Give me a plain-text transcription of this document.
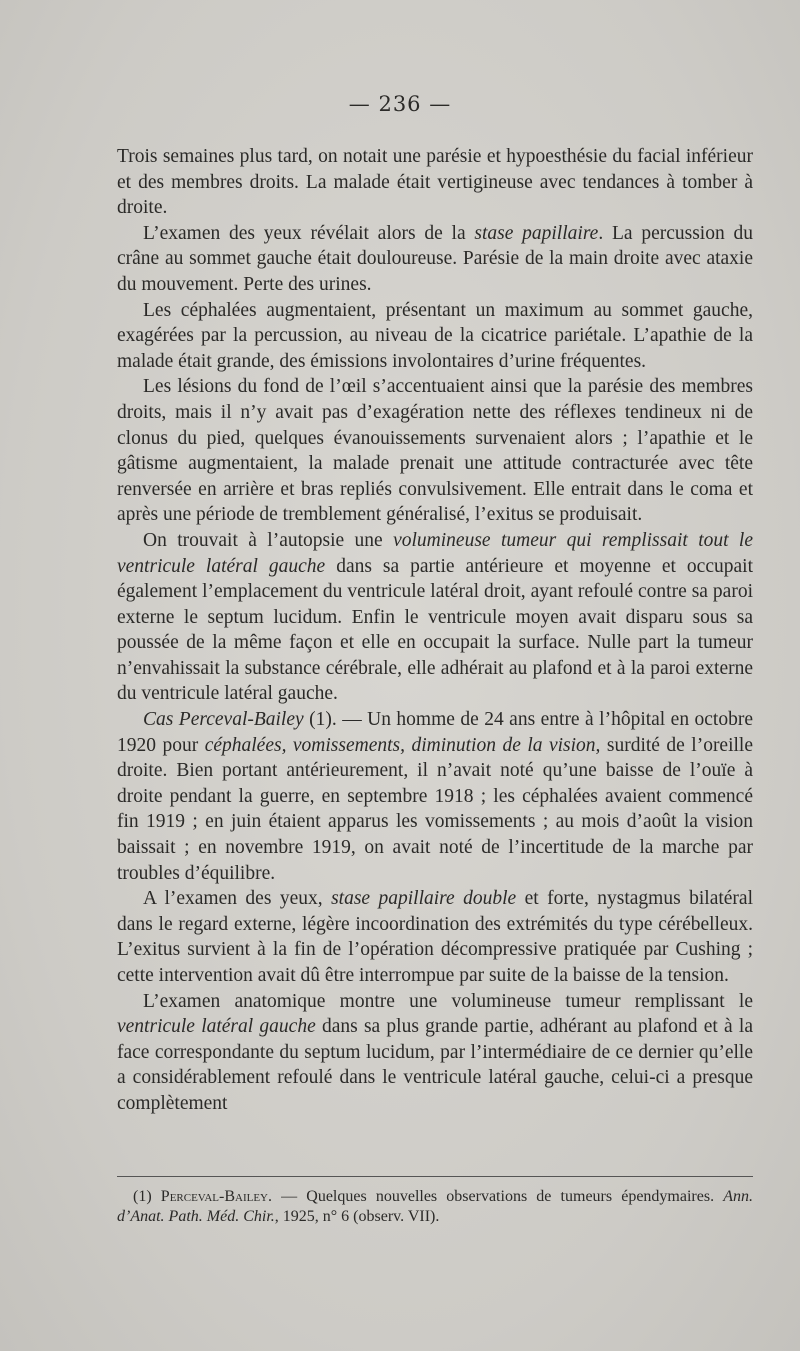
— 236 —

Trois semaines plus tard, on notait une parésie et hypoesthésie du facial inférieur et des membres droits. La malade était vertigineuse avec tendances à tomber à droite.

L’examen des yeux révélait alors de la stase papillaire. La percussion du crâne au sommet gauche était douloureuse. Parésie de la main droite avec ataxie du mouvement. Perte des urines.

Les céphalées augmentaient, présentant un maximum au sommet gauche, exagérées par la percussion, au niveau de la cicatrice pariétale. L’apathie de la malade était grande, des émissions involontaires d’urine fréquentes.

Les lésions du fond de l’œil s’accentuaient ainsi que la parésie des membres droits, mais il n’y avait pas d’exagération nette des réflexes tendineux ni de clonus du pied, quelques évanouissements survenaient alors ; l’apathie et le gâtisme augmentaient, la malade prenait une attitude contracturée avec tête renversée en arrière et bras repliés convulsivement. Elle entrait dans le coma et après une période de tremblement généralisé, l’exitus se produisait.

On trouvait à l’autopsie une volumineuse tumeur qui remplissait tout le ventricule latéral gauche dans sa partie antérieure et moyenne et occupait également l’emplacement du ventricule latéral droit, ayant refoulé contre sa paroi externe le septum lucidum. Enfin le ventricule moyen avait disparu sous sa poussée de la même façon et elle en occupait la surface. Nulle part la tumeur n’envahissait la substance cérébrale, elle adhérait au plafond et à la paroi externe du ventricule latéral gauche.

Cas Perceval-Bailey (1). — Un homme de 24 ans entre à l’hôpital en octobre 1920 pour céphalées, vomissements, diminution de la vision, surdité de l’oreille droite. Bien portant antérieurement, il n’avait noté qu’une baisse de l’ouïe à droite pendant la guerre, en septembre 1918 ; les céphalées avaient commencé fin 1919 ; en juin étaient apparus les vomissements ; au mois d’août la vision baissait ; en novembre 1919, on avait noté de l’incertitude de la marche par troubles d’équilibre.

A l’examen des yeux, stase papillaire double et forte, nystagmus bilatéral dans le regard externe, légère incoordination des extrémités du type cérébelleux. L’exitus survient à la fin de l’opération décompressive pratiquée par Cushing ; cette intervention avait dû être interrompue par suite de la baisse de la tension.

L’examen anatomique montre une volumineuse tumeur remplissant le ventricule latéral gauche dans sa plus grande partie, adhérant au plafond et à la face correspondante du septum lucidum, par l’intermédiaire de ce dernier qu’elle a considérablement refoulé dans le ventricule latéral gauche, celui-ci a presque complètement

(1) Perceval-Bailey. — Quelques nouvelles observations de tumeurs épendymaires. Ann. d’Anat. Path. Méd. Chir., 1925, n° 6 (observ. VII).
